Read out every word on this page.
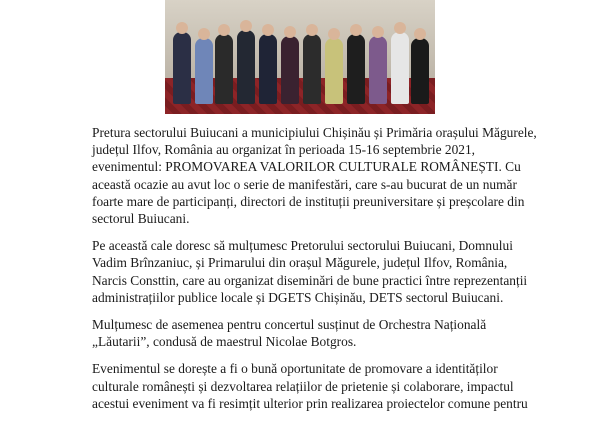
Pretura sectorului Buiucani a municipiului Chișinău și Primăria orașului Măgurele,
județul Ilfov, România au organizat în perioada 15-16 septembrie 2021,
evenimentul: PROMOVAREA VALORILOR CULTURALE ROMÂNEȘTI. Cu
această ocazie au avut loc o serie de manifestări, care s-au bucurat de un număr
foarte mare de participanți, directori de instituții preuniversitare și preșcolare din
sectorul Buiucani.

Pe această cale doresc să mulțumesc Pretorului sectorului Buiucani, Domnului
Vadim Brînzaniuc, și Primarului din orașul Măgurele, județul Ilfov, România,
Narcis Consttin, care au organizat diseminări de bune practici între reprezentanții
administrațiilor publice locale și DGETS Chișinău, DETS sectorul Buiucani.

Mulțumesc de asemenea pentru concertul susținut de Orchestra Națională
„Lăutarii”, condusă de maestrul Nicolae Botgros.

Evenimentul se dorește a fi o bună oportunitate de promovare a identităților
culturale românești și dezvoltarea relațiilor de prietenie și colaborare, impactul
acestui eveniment va fi resimțit ulterior prin realizarea proiectelor comune pentru
